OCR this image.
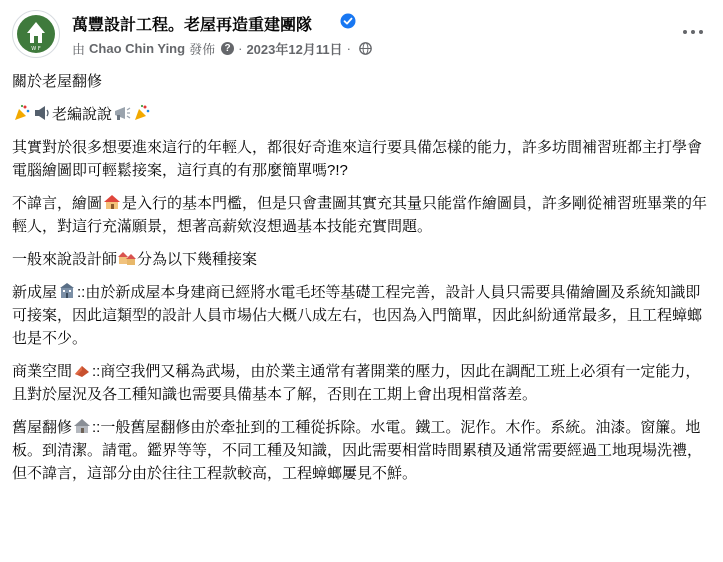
W F
萬豐設計工程。老屋再造重建團隊
由 Chao Chin Ying 發佈 ? · 2023年12月11日 ·
關於老屋翻修
老編說說
其實對於很多想要進來這行的年輕人，都很好奇進來這行要具備怎樣的能力，許多坊間補習班都主打學會電腦繪圖即可輕鬆接案，這行真的有那麼簡單嗎?!?
不諱言，繪圖 是入行的基本門檻，但是只會畫圖其實充其量只能當作繪圖員，許多剛從補習班畢業的年輕人，對這行充滿願景，想著高薪欸沒想過基本技能充實問題。
一般來說設計師 分為以下幾種接案
新成屋 ::由於新成屋本身建商已經將水電毛坯等基礎工程完善，設計人員只需要具備繪圖及系統知識即可接案，因此這類型的設計人員市場佔大概八成左右，也因為入門簡單，因此糾紛通常最多，且工程蟑螂也是不少。
商業空間 ::商空我們又稱為武場，由於業主通常有著開業的壓力，因此在調配工班上必須有一定能力，且對於屋況及各工種知識也需要具備基本了解，否則在工期上會出現相當落差。
舊屋翻修 ::一般舊屋翻修由於牽扯到的工種從拆除。水電。鐵工。泥作。木作。系統。油漆。窗簾。地板。到清潔。請電。鑑界等等，不同工種及知識，因此需要相當時間累積及通常需要經過工地現場洗禮，但不諱言，這部分由於往往工程款較高，工程蟑螂屢見不鮮。
